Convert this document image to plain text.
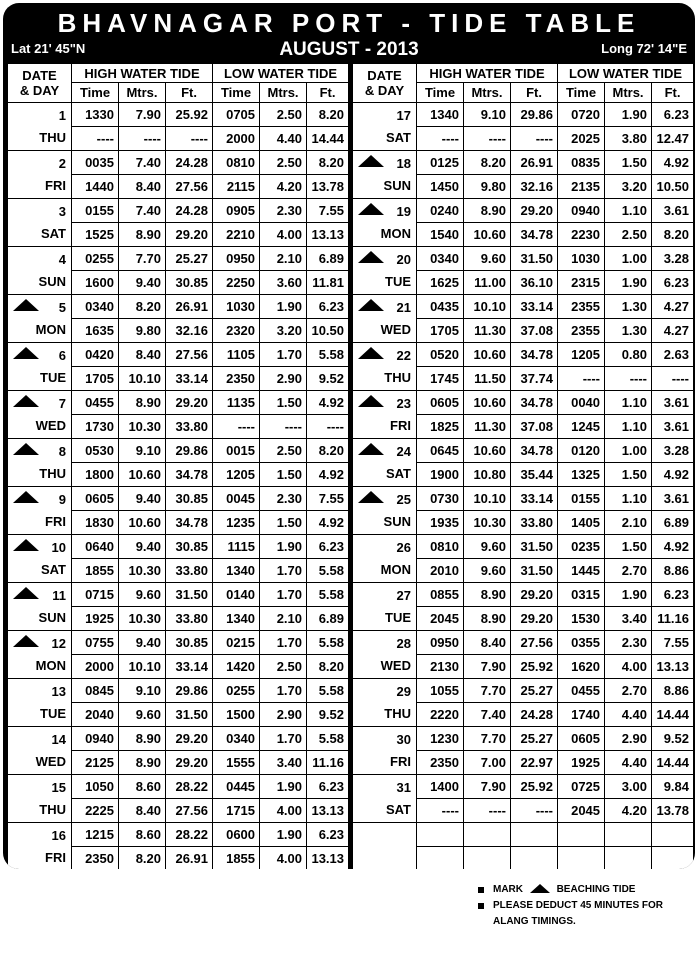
BHAVNAGAR PORT - TIDE TABLE
AUGUST - 2013
Lat 21' 45"N	Long 72' 14"E
DATE
& DAY	HIGH WATER TIDE			LOW WATER TIDE		
	Time	Mtrs.	Ft.	Time	Mtrs.	Ft.

1
THU	1330	7.90	25.92	0705	2.50	8.20
	----	----	----	2000	4.40	14.44

2
FRI	0035	7.40	24.28	0810	2.50	8.20
	1440	8.40	27.56	2115	4.20	13.78

3
SAT	0155	7.40	24.28	0905	2.30	7.55
	1525	8.90	29.20	2210	4.00	13.13

4
SUN	0255	7.70	25.27	0950	2.10	6.89
	1600	9.40	30.85	2250	3.60	11.81

5
MON	0340	8.20	26.91	1030	1.90	6.23
	1635	9.80	32.16	2320	3.20	10.50

6
TUE	0420	8.40	27.56	1105	1.70	5.58
	1705	10.10	33.14	2350	2.90	9.52

7
WED	0455	8.90	29.20	1135	1.50	4.92
	1730	10.30	33.80	----	----	----

8
THU	0530	9.10	29.86	0015	2.50	8.20
	1800	10.60	34.78	1205	1.50	4.92

9
FRI	0605	9.40	30.85	0045	2.30	7.55
	1830	10.60	34.78	1235	1.50	4.92

10
SAT	0640	9.40	30.85	1115	1.90	6.23
	1855	10.30	33.80	1340	1.70	5.58

11
SUN	0715	9.60	31.50	0140	1.70	5.58
	1925	10.30	33.80	1340	2.10	6.89

12
MON	0755	9.40	30.85	0215	1.70	5.58
	2000	10.10	33.14	1420	2.50	8.20

13
TUE	0845	9.10	29.86	0255	1.70	5.58
	2040	9.60	31.50	1500	2.90	9.52

14
WED	0940	8.90	29.20	0340	1.70	5.58
	2125	8.90	29.20	1555	3.40	11.16

15
THU	1050	8.60	28.22	0445	1.90	6.23
	2225	8.40	27.56	1715	4.00	13.13

16
FRI	1215	8.60	28.22	0600	1.90	6.23
	2350	8.20	26.91	1855	4.00	13.13
DATE
& DAY	HIGH WATER TIDE			LOW WATER TIDE		
	Time	Mtrs.	Ft.	Time	Mtrs.	Ft.

17
SAT	1340	9.10	29.86	0720	1.90	6.23
	----	----	----	2025	3.80	12.47

18
SUN	0125	8.20	26.91	0835	1.50	4.92
	1450	9.80	32.16	2135	3.20	10.50

19
MON	0240	8.90	29.20	0940	1.10	3.61
	1540	10.60	34.78	2230	2.50	8.20

20
TUE	0340	9.60	31.50	1030	1.00	3.28
	1625	11.00	36.10	2315	1.90	6.23

21
WED	0435	10.10	33.14	2355	1.30	4.27
	1705	11.30	37.08	2355	1.30	4.27

22
THU	0520	10.60	34.78	1205	0.80	2.63
	1745	11.50	37.74	----	----	----

23
FRI	0605	10.60	34.78	0040	1.10	3.61
	1825	11.30	37.08	1245	1.10	3.61

24
SAT	0645	10.60	34.78	0120	1.00	3.28
	1900	10.80	35.44	1325	1.50	4.92

25
SUN	0730	10.10	33.14	0155	1.10	3.61
	1935	10.30	33.80	1405	2.10	6.89

26
MON	0810	9.60	31.50	0235	1.50	4.92
	2010	9.60	31.50	1445	2.70	8.86

27
TUE	0855	8.90	29.20	0315	1.90	6.23
	2045	8.90	29.20	1530	3.40	11.16

28
WED	0950	8.40	27.56	0355	2.30	7.55
	2130	7.90	25.92	1620	4.00	13.13

29
THU	1055	7.70	25.27	0455	2.70	8.86
	2220	7.40	24.28	1740	4.40	14.44

30
FRI	1230	7.70	25.27	0605	2.90	9.52
	2350	7.00	22.97	1925	4.40	14.44

31
SAT	1400	7.90	25.92	0725	3.00	9.84
	----	----	----	2045	4.20	13.78

MARK	BEACHING TIDE
PLEASE DEDUCT 45 MINUTES FOR ALANG TIMINGS.
